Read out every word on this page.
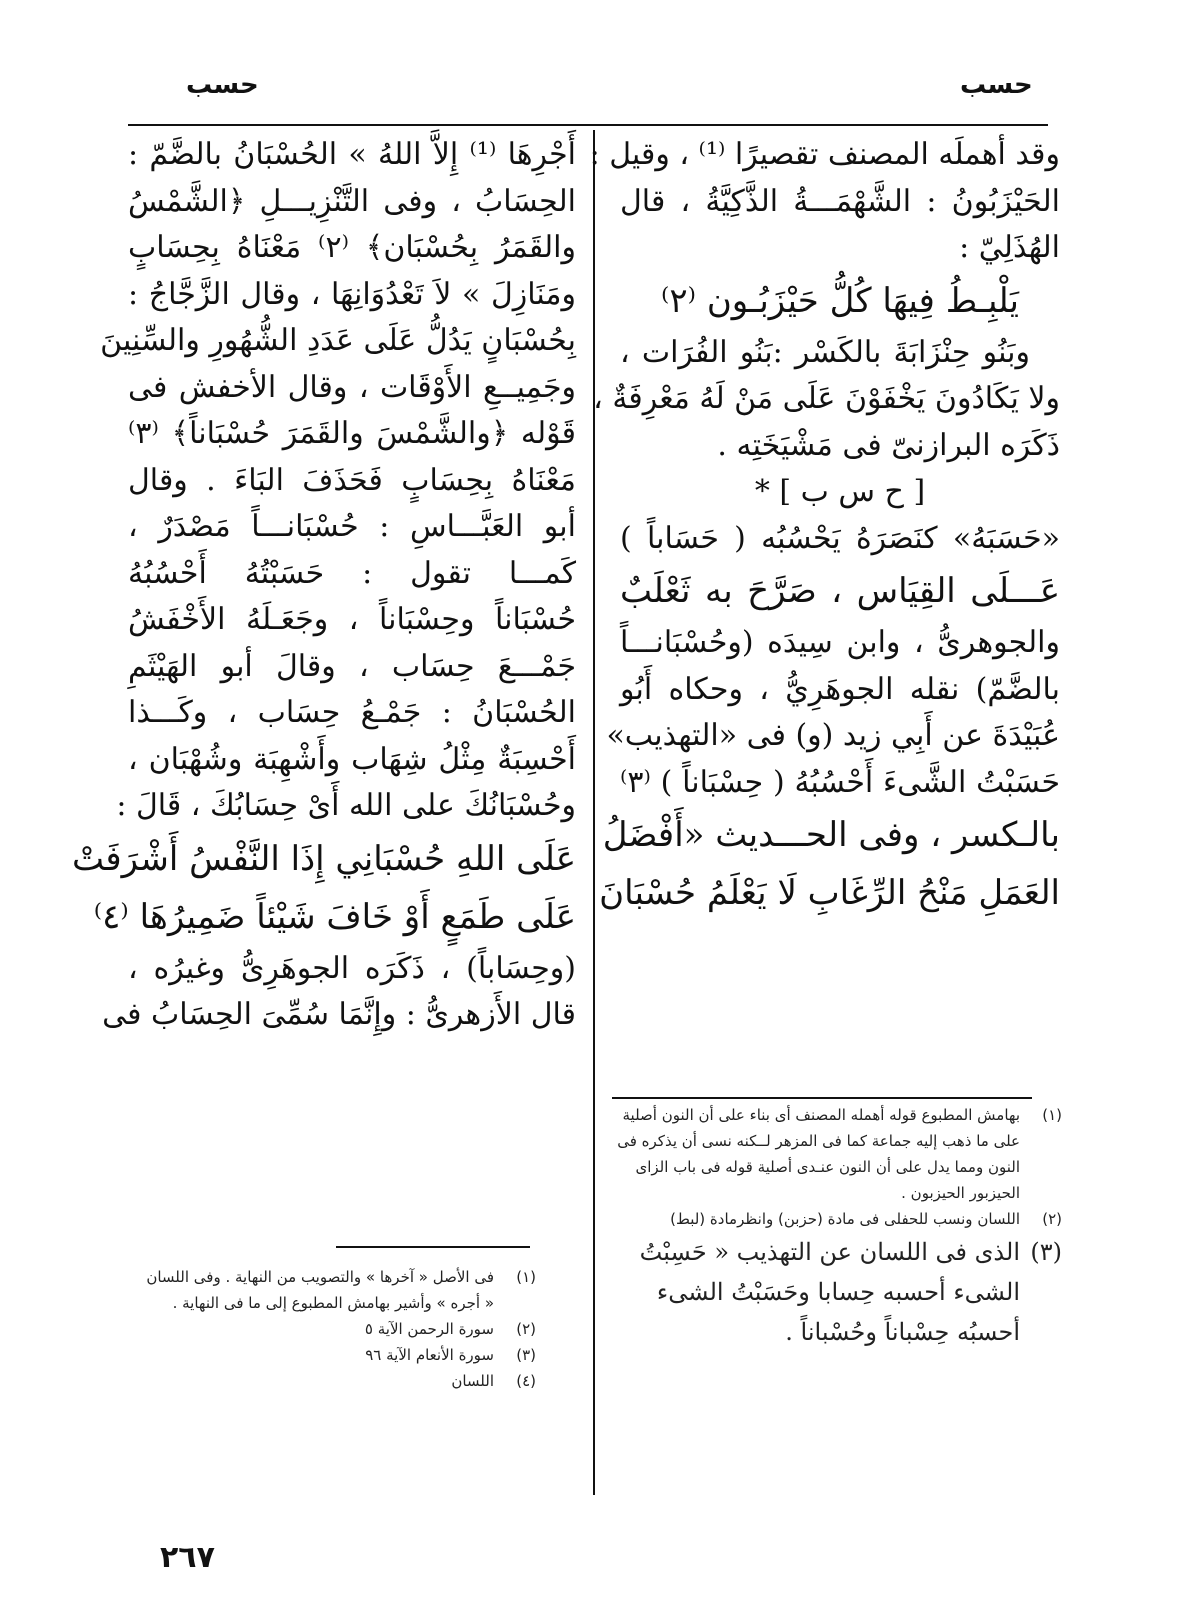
حسب	حسب
وقد أهملَه المصنف تقصيرًا ⁽¹⁾ ، وقيل :
الحَيْزَبُونُ : الشَّهْمَـــةُ الذَّكِيَّةُ ، قال
الهُذَلِيّ :
يَلْبِـطُ فِيهَا كُلُّ حَيْزَبُـون ⁽٢⁾
وبَنُو حِنْزَابَةَ بالكَسْر :بَنُو الفُرَات ،
ولا يَكَادُونَ يَخْفَوْنَ عَلَى مَنْ لَهُ مَعْرِفَةٌ ،
ذَكَرَه البرازنىّ فى مَشْيَخَتِه .
[ ح س ب ] *
«حَسَبَهُ» كنَصَرَهُ يَحْسُبُه ( حَسَاباً )
عَـــلَى القِيَاس ، صَرَّحَ به ثَعْلَبٌ
والجوهرىُّ ، وابن سِيدَه (وحُسْبَانـــاً
بالضَّمّ) نقله الجوهَرِيُّ ، وحكاه أَبُو
عُبَيْدَةَ عن أَبِي زيد (و) فى «التهذيب»
حَسَبْتُ الشَّىءَ أَحْسُبُهُ ( حِسْبَاناً ) ⁽٣⁾
بالـكسر ، وفى الحـــديث «أَفْضَلُ
العَمَلِ مَنْحُ الرِّغَابِ لَا يَعْلَمُ حُسْبَانَ
(١)
بهامش المطبوع قوله أهمله المصنف أى بناء على أن النون أصلية على ما ذهب إليه جماعة كما فى المزهر لــكنه نسى أن يذكره فى النون ومما يدل على أن النون عنـدى أصلية قوله فى باب الزاى الحيزبور الحيزبون .
(٢)
اللسان ونسب للحفلى فى مادة (حزبن) وانظرمادة (لبط)
(٣)
الذى فى اللسان عن التهذيب « حَسِبْتُ الشىء أحسبه حِسابا وحَسَبْتُ الشىء أحسبُه حِسْباناً وحُسْباناً .
أَجْرِهَا ⁽¹⁾ إِلاَّ اللهُ » الحُسْبَانُ بالضَّمّ :
الحِسَابُ ، وفى التَّنْزِيـــلِ ﴿الشَّمْسُ
والقَمَرُ بِحُسْبَان﴾ ⁽٢⁾ مَعْنَاهُ بِحِسَابٍ
ومَنَازِلَ » لاَ تَعْدُوَانِهَا ، وقال الزَّجَّاجُ :
بِحُسْبَانٍ يَدُلُّ عَلَى عَدَدِ الشُّهُورِ والسِّنِينَ
وجَمِيــعِ الأَوْقَات ، وقال الأخفش فى
قَوْله ﴿والشَّمْسَ والقَمَرَ حُسْبَاناً﴾ ⁽٣⁾
مَعْنَاهُ بِحِسَابٍ فَحَذَفَ البَاءَ . وقال
أبو العَبَّـــاسِ : حُسْبَانـــاً مَصْدَرٌ ،
كَمـــا تقول : حَسَبْتُهُ أَحْسُبُهُ
حُسْبَاناً وحِسْبَاناً ، وجَعَـلَهُ الأَخْفَشُ
جَمْـــعَ حِسَاب ، وقالَ أبو الهَيْثَمِ
الحُسْبَانُ : جَمْـعُ حِسَاب ، وكَـــذا
أَحْسِبَةٌ مِثْلُ شِهَاب وأَشْهِبَة وشُهْبَان ،
وحُسْبَانُكَ على الله أَىْ حِسَابُكَ ، قَالَ :
عَلَى اللهِ حُسْبَانِي إِذَا النَّفْسُ أَشْرَفَتْ
عَلَى طَمَعٍ أَوْ خَافَ شَيْئاً ضَمِيرُهَا ⁽٤⁾
(وحِسَاباً) ، ذَكَرَه الجوهَرِىُّ وغيرُه ،
قال الأَزهرىُّ : وإِنَّمَا سُمِّىَ الحِسَابُ فى
(١)
فى الأصل « آخرها » والتصويب من النهاية . وفى اللسان « أجره » وأشير بهامش المطبوع إلى ما فى النهاية .
(٢)
سورة الرحمن الآية ٥
(٣)
سورة الأنعام الآية ٩٦
(٤)
اللسان
٢٦٧
